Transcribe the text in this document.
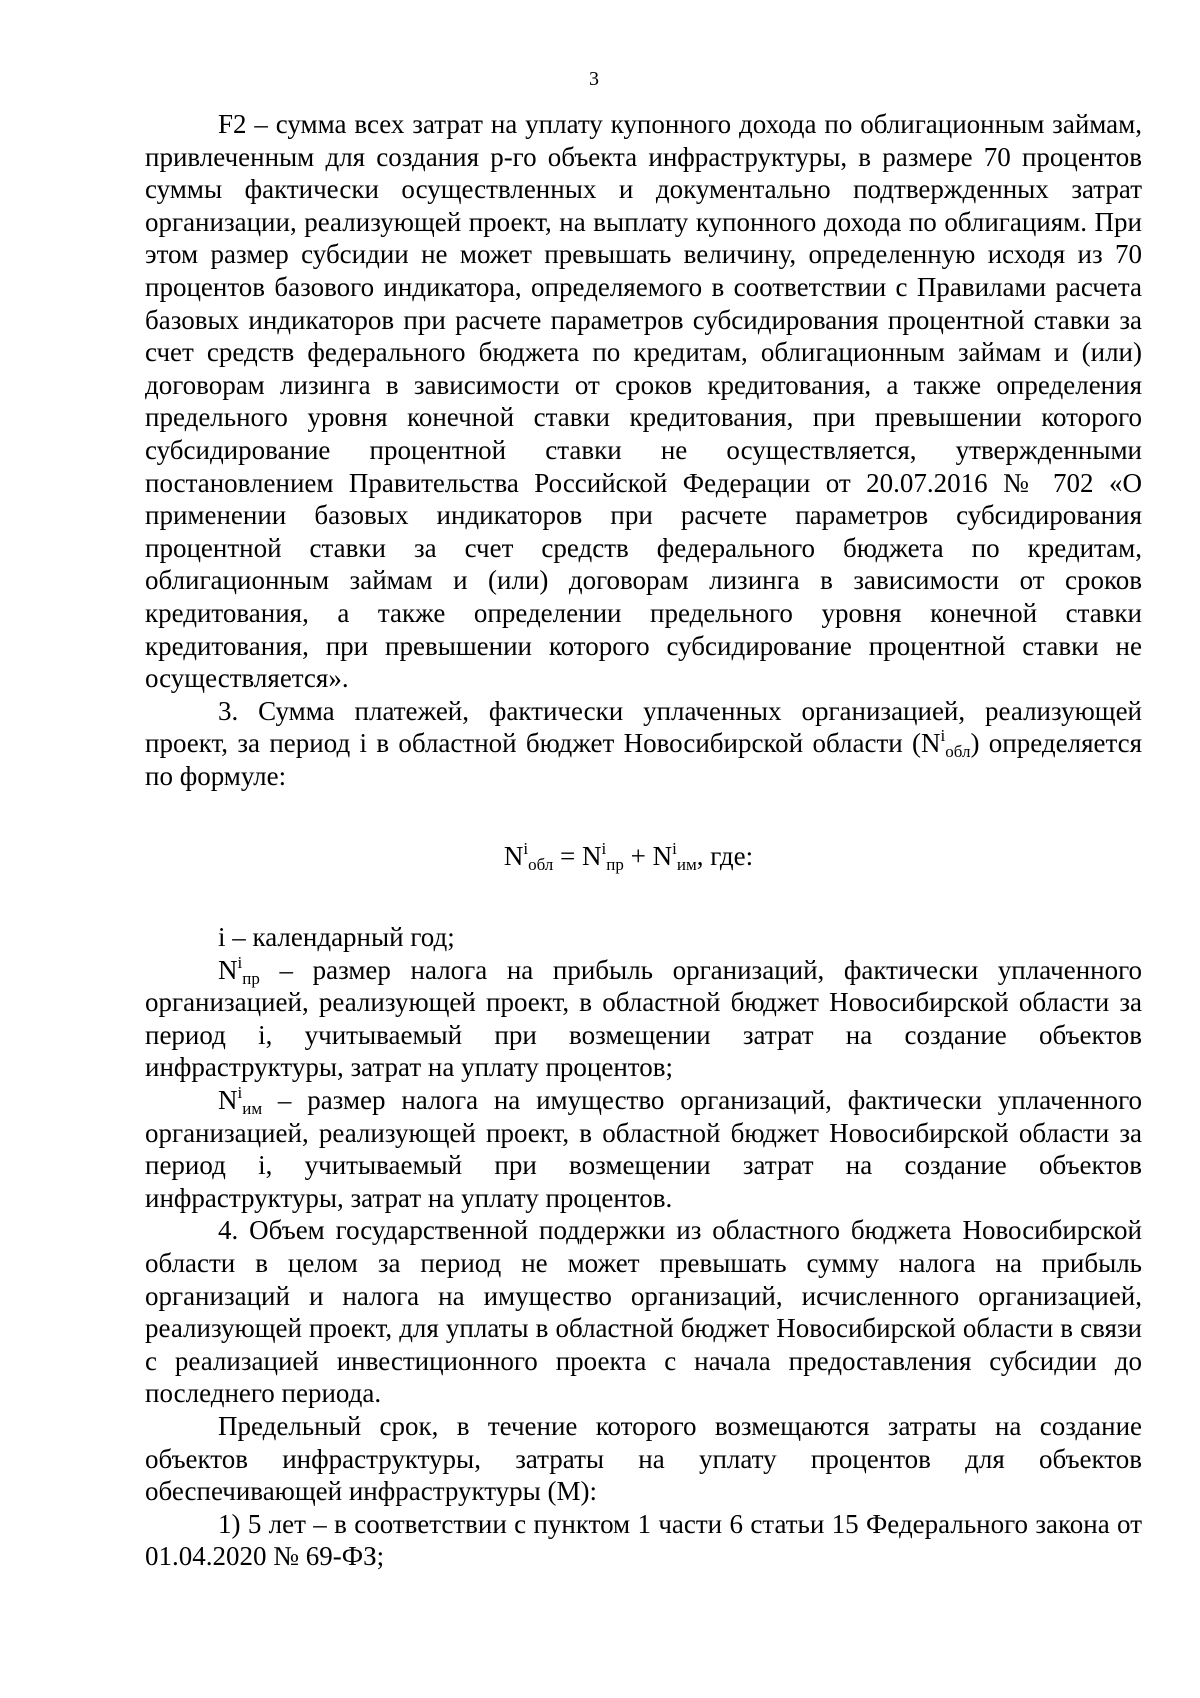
3

F2 – сумма всех затрат на уплату купонного дохода по облигационным займам, привлеченным для создания p-го объекта инфраструктуры, в размере 70 процентов суммы фактически осуществленных и документально подтвержденных затрат организации, реализующей проект, на выплату купонного дохода по облигациям. При этом размер субсидии не может превышать величину, определенную исходя из 70 процентов базового индикатора, определяемого в соответствии с Правилами расчета базовых индикаторов при расчете параметров субсидирования процентной ставки за счет средств федерального бюджета по кредитам, облигационным займам и (или) договорам лизинга в зависимости от сроков кредитования, а также определения предельного уровня конечной ставки кредитования, при превышении которого субсидирование процентной ставки не осуществляется, утвержденными постановлением Правительства Российской Федерации от 20.07.2016 № 702 «О применении базовых индикаторов при расчете параметров субсидирования процентной ставки за счет средств федерального бюджета по кредитам, облигационным займам и (или) договорам лизинга в зависимости от сроков кредитования, а также определении предельного уровня конечной ставки кредитования, при превышении которого субсидирование процентной ставки не осуществляется».

3. Сумма платежей, фактически уплаченных организацией, реализующей проект, за период i в областной бюджет Новосибирской области $(N^i_{обл})$ определяется по формуле:

$N^i_{обл} = N^i_{пр} + N^i_{им}$, где:

i – календарный год;

$N^i_{пр}$ – размер налога на прибыль организаций, фактически уплаченного организацией, реализующей проект, в областной бюджет Новосибирской области за период i, учитываемый при возмещении затрат на создание объектов инфраструктуры, затрат на уплату процентов;

$N^i_{им}$ – размер налога на имущество организаций, фактически уплаченного организацией, реализующей проект, в областной бюджет Новосибирской области за период i, учитываемый при возмещении затрат на создание объектов инфраструктуры, затрат на уплату процентов.

4. Объем государственной поддержки из областного бюджета Новосибирской области в целом за период не может превышать сумму налога на прибыль организаций и налога на имущество организаций, исчисленного организацией, реализующей проект, для уплаты в областной бюджет Новосибирской области в связи с реализацией инвестиционного проекта с начала предоставления субсидии до последнего периода.

Предельный срок, в течение которого возмещаются затраты на создание объектов инфраструктуры, затраты на уплату процентов для объектов обеспечивающей инфраструктуры (M):

1) 5 лет – в соответствии с пунктом 1 части 6 статьи 15 Федерального закона от 01.04.2020 № 69-ФЗ;
